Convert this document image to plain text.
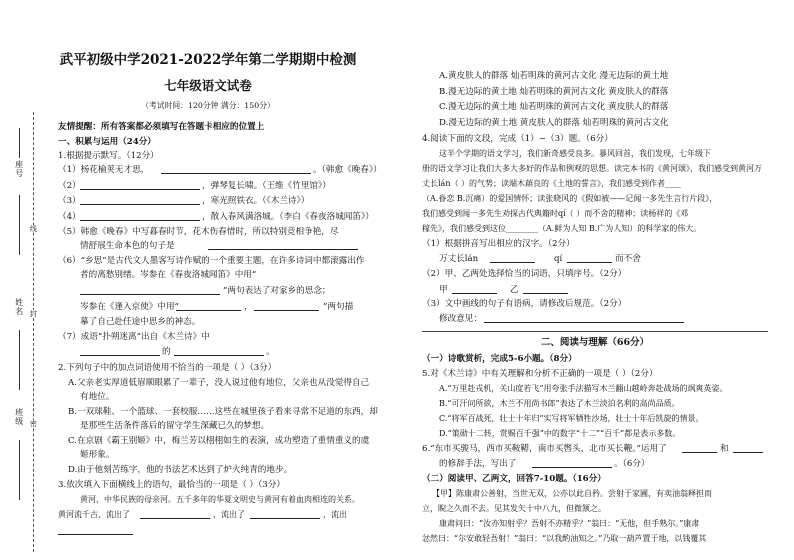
座号
姓名
班级
线
封
密
武平初级中学2021-2022学年第二学期期中检测
七年级语文试卷
（考试时间：120分钟 满分：150分）
友情提醒：所有答案都必须填写在答题卡相应的位置上
一、积累与运用（24分）
1.根据提示默写。（12分）
（1）杨花榆荚无才思，	。（韩愈《晚春》）
（2）	，弹琴复长啸。（王维《竹里馆》）
（3）	，寒光照铁衣。（《木兰诗》）
（4）	，散入春风满洛城。（李白《春夜洛城闻笛》）
（5）韩愈《晚春》中写暮春时节，花木伤春惜时，所以特别竞相争艳，尽
情舒展生命本色的句子是
（6）“乡思”是古代文人墨客写诗作赋的一个重要主题，在许多诗词中都滚露出作
者的离愁别绪。岑参在《春夜洛城闻笛》中用“
”两句表达了对家乡的思念；
岑参在《逢入京使》中用“	，	”两句描
摹了自己赴任途中思乡的神态。
（7）成语“扑朔迷离”出自《木兰诗》中
的	。
2.下列句子中的加点词语使用不恰当的一项是（ ）（3分）
A.父亲老实厚道低眉顺眼累了一辈子，没人说过他有地位，父亲也从没觉得自己
有地位。
B.一双球鞋、一个篮球、一套校服……这些在城里孩子看来寻常不足道的东西，却
是那些生活条件落后的留守学生深藏已久的梦想。
C.在京剧《霸王别姬》中，梅兰芳以栩栩如生的表演，成功塑造了重情重义的虞
姬形象。
D.由于他刻苦练字，他的书法艺术达到了炉火纯青的地步。
3.依次填入下面横线上的语句，最恰当的一项是（ ）（3分）
黄河，中华民族的母亲河。五千多年的华夏文明史与黄河有着血肉相连的关系。
黄河流千古，流出了	，流出了	，流出
A.黄皮肤人的群落 灿若明珠的黄河古文化 漫无边际的黄土地
B.漫无边际的黄土地 灿若明珠的黄河古文化 黄皮肤人的群落
C.漫无边际的黄土地 灿若明珠的黄河古文化 黄皮肤人的群落
D.漫无边际的黄土地 黄皮肤人的群落 灿若明珠的黄河古文化
4.阅读下面的文段，完成（1）~（3）题。（6分）
这半个学期的语文学习，我们新奇感受良多。暴风回首，我们发现，七年级下
册的语文学习让我们大多大多好的作品和例观的思想。读完本书的《黄河颂》，我们感受到黄河万
丈长lán（ ）的气势；读端木蕻良的《土地的誓言》，我们感受到作者____
（A.眷恋 B.沉痛）的爱国情怀；读张晓风的《假如被——记闻一多先生言行片段》，
我们感受到闻一多先生劝探古代典籍时qí（ ）而不舍的精神；读杨祥的《邓
稼先》，我们感受到这位________（A.鲜为人知 B.广为人知）的科学家的伟大。
（1）根据拼音写出相应的汉字。（2分）
万丈长lán	qí	而不舍
（2）甲、乙两处选择恰当的词语，只填序号。（2分）
甲	乙
（3）文中画线的句子有语病，请修改后规范。（2分）
修改意见：
二、阅读与理解（66分）
（一）诗歌赏析，完成5-6小题。（8分）
5.对《木兰诗》中有关理解和分析不正确的一项是（ ）（2分）
A.“万里赴戎机，关山度若飞”用夸张手法描写木兰翻山越岭奔赴战场的飒爽英姿。
B.“可汗问所欲，木兰不用尚书郎”表达了木兰淡泊名利的高尚品质。
C.“将军百战死，壮士十年归”实写将军牺牲沙场，壮士十年后凯旋的情景。
D.“策勋十二转，赏赐百千强”中的数字“十二”“百千”都是表示多数。
6.“东市买骏马，西市买鞍鞯，南市买辔头，北市买长鞭。”运用了	和
的修辞手法，写出了	。（6分）
（二）阅读甲、乙两文，回答7-10题。（16分）
【甲】陈康肃公善射，当世无双，公亦以此自矜。尝射于家圃，有卖油翁释担而
立，睨之久而不去。见其发矢十中八九，但微颔之。
康肃问曰：“汝亦知射乎？吾射不亦精乎？”翁曰：“无他，但手熟尔。”康肃
忿然曰：“尔安敢轻吾射！”翁曰：“以我酌油知之。”乃取一葫芦置于地，以钱覆其
